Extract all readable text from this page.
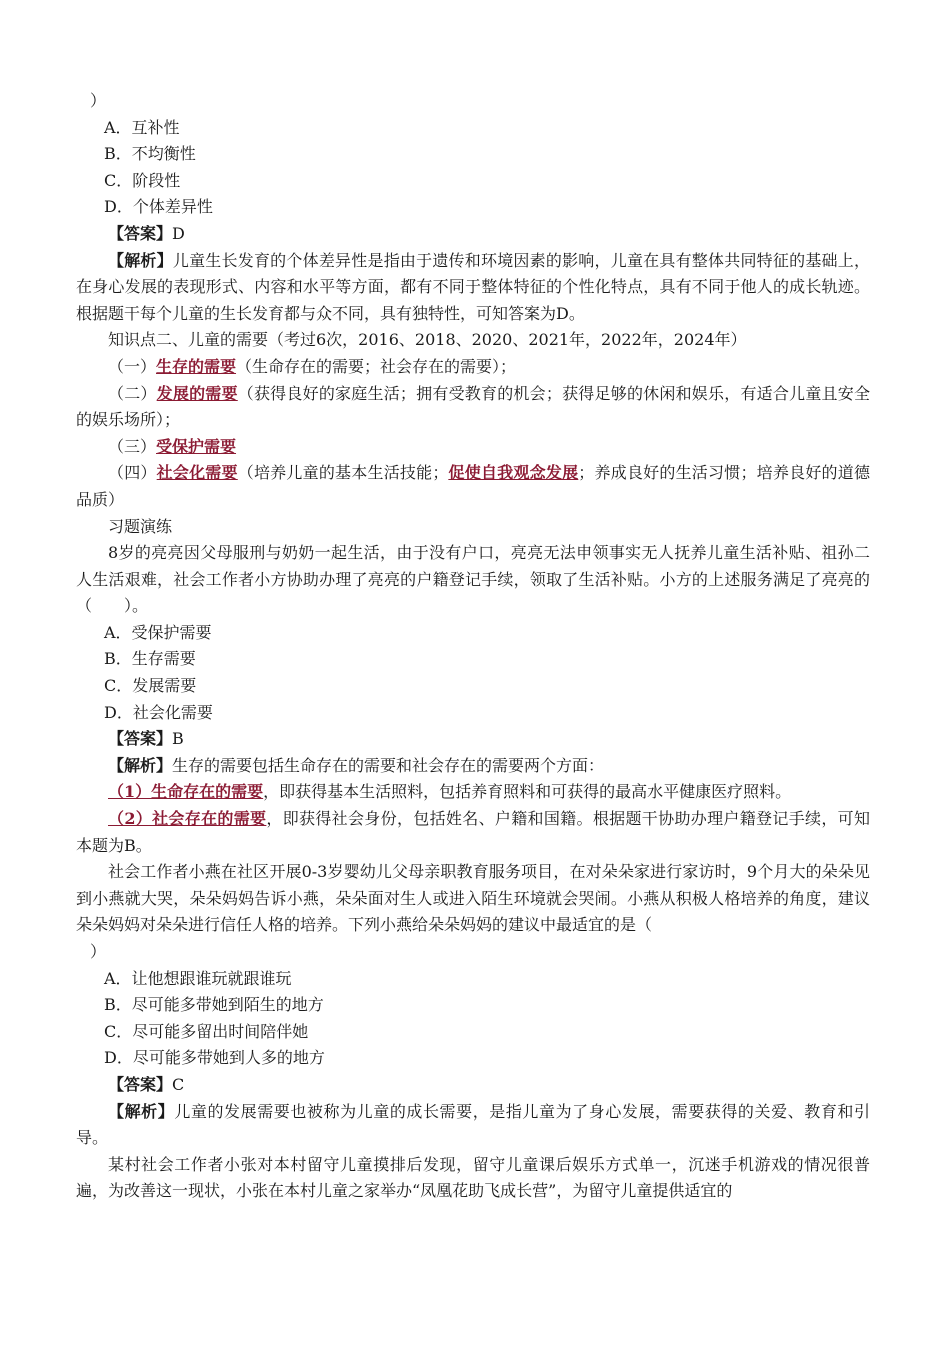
）

A．互补性

B．不均衡性

C．阶段性

D．个体差异性

【答案】D

【解析】儿童生长发育的个体差异性是指由于遗传和环境因素的影响，儿童在具有整体共同特征的基础上，在身心发展的表现形式、内容和水平等方面，都有不同于整体特征的个性化特点，具有不同于他人的成长轨迹。根据题干每个儿童的生长发育都与众不同，具有独特性，可知答案为D。

知识点二、儿童的需要（考过6次，2016、2018、2020、2021年，2022年，2024年）

（一）生存的需要（生命存在的需要；社会存在的需要）；

（二）发展的需要（获得良好的家庭生活；拥有受教育的机会；获得足够的休闲和娱乐，有适合儿童且安全的娱乐场所）；

（三）受保护需要

（四）社会化需要（培养儿童的基本生活技能；促使自我观念发展；养成良好的生活习惯；培养良好的道德品质）

习题演练

8岁的亮亮因父母服刑与奶奶一起生活，由于没有户口，亮亮无法申领事实无人抚养儿童生活补贴、祖孙二人生活艰难，社会工作者小方协助办理了亮亮的户籍登记手续，领取了生活补贴。小方的上述服务满足了亮亮的（　　）。

A．受保护需要

B．生存需要

C．发展需要

D．社会化需要

【答案】B

【解析】生存的需要包括生命存在的需要和社会存在的需要两个方面：

（1）生命存在的需要，即获得基本生活照料，包括养育照料和可获得的最高水平健康医疗照料。

（2）社会存在的需要，即获得社会身份，包括姓名、户籍和国籍。根据题干协助办理户籍登记手续，可知本题为B。

社会工作者小燕在社区开展0-3岁婴幼儿父母亲职教育服务项目，在对朵朵家进行家访时，9个月大的朵朵见到小燕就大哭，朵朵妈妈告诉小燕，朵朵面对生人或进入陌生环境就会哭闹。小燕从积极人格培养的角度，建议朵朵妈妈对朵朵进行信任人格的培养。下列小燕给朵朵妈妈的建议中最适宜的是（

）

A．让他想跟谁玩就跟谁玩

B．尽可能多带她到陌生的地方

C．尽可能多留出时间陪伴她

D．尽可能多带她到人多的地方

【答案】C

【解析】儿童的发展需要也被称为儿童的成长需要，是指儿童为了身心发展，需要获得的关爱、教育和引导。

某村社会工作者小张对本村留守儿童摸排后发现，留守儿童课后娱乐方式单一，沉迷手机游戏的情况很普遍，为改善这一现状，小张在本村儿童之家举办“凤凰花助飞成长营”，为留守儿童提供适宜的
